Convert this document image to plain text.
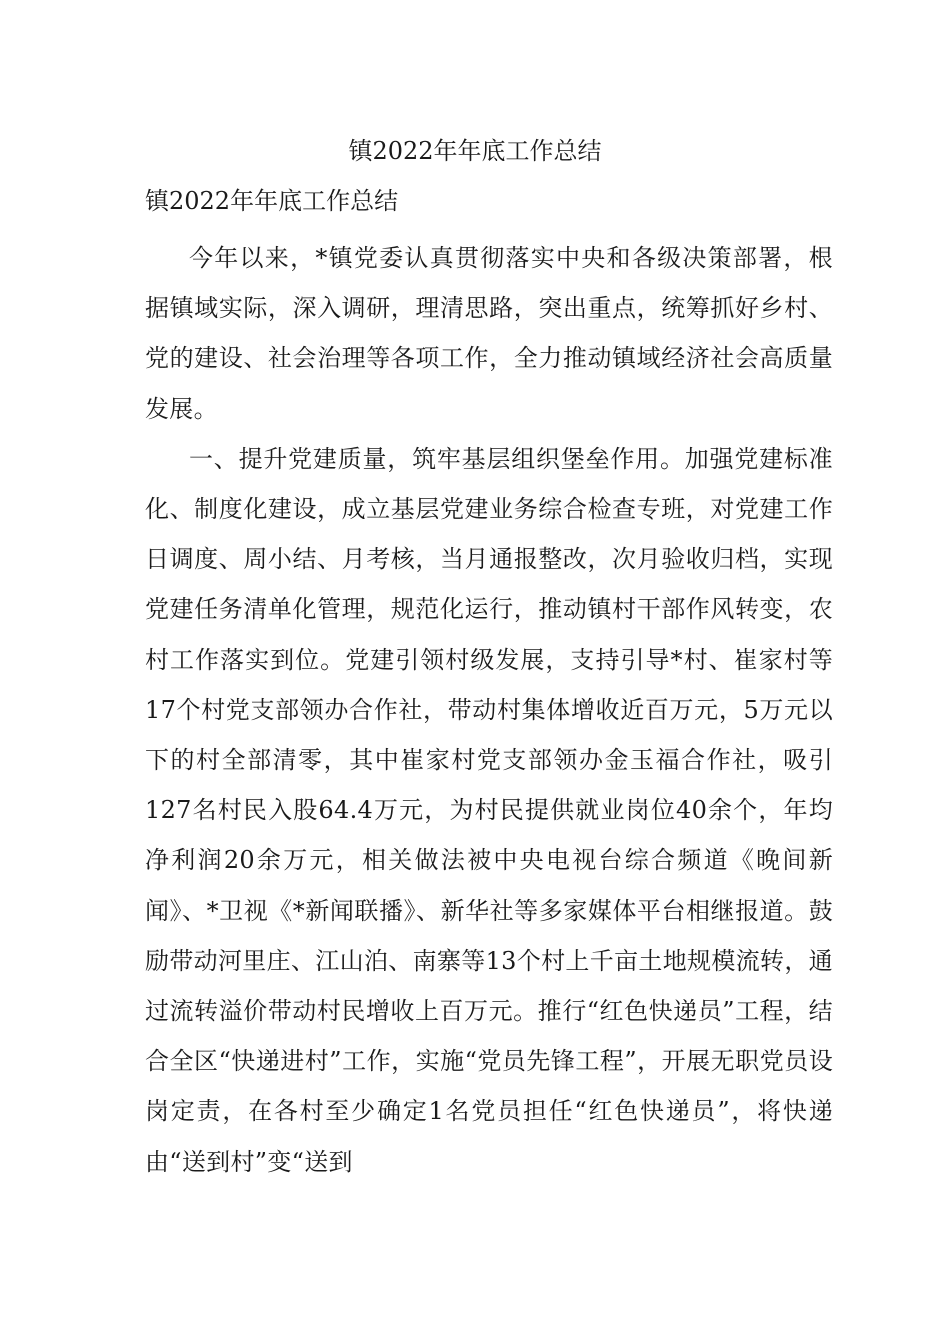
镇2022年年底工作总结
镇2022年年底工作总结

今年以来，*镇党委认真贯彻落实中央和各级决策部署，根据镇域实际，深入调研，理清思路，突出重点，统筹抓好乡村、党的建设、社会治理等各项工作，全力推动镇域经济社会高质量发展。

一、提升党建质量，筑牢基层组织堡垒作用。加强党建标准化、制度化建设，成立基层党建业务综合检查专班，对党建工作日调度、周小结、月考核，当月通报整改，次月验收归档，实现党建任务清单化管理，规范化运行，推动镇村干部作风转变，农村工作落实到位。党建引领村级发展，支持引导*村、崔家村等17个村党支部领办合作社，带动村集体增收近百万元，5万元以下的村全部清零，其中崔家村党支部领办金玉福合作社，吸引127名村民入股64.4万元，为村民提供就业岗位40余个，年均净利润20余万元，相关做法被中央电视台综合频道《晚间新闻》、*卫视《*新闻联播》、新华社等多家媒体平台相继报道。鼓励带动河里庄、江山泊、南寨等13个村上千亩土地规模流转，通过流转溢价带动村民增收上百万元。推行“红色快递员”工程，结合全区“快递进村”工作，实施“党员先锋工程”，开展无职党员设岗定责，在各村至少确定1名党员担任“红色快递员”，将快递由“送到村”变“送到
